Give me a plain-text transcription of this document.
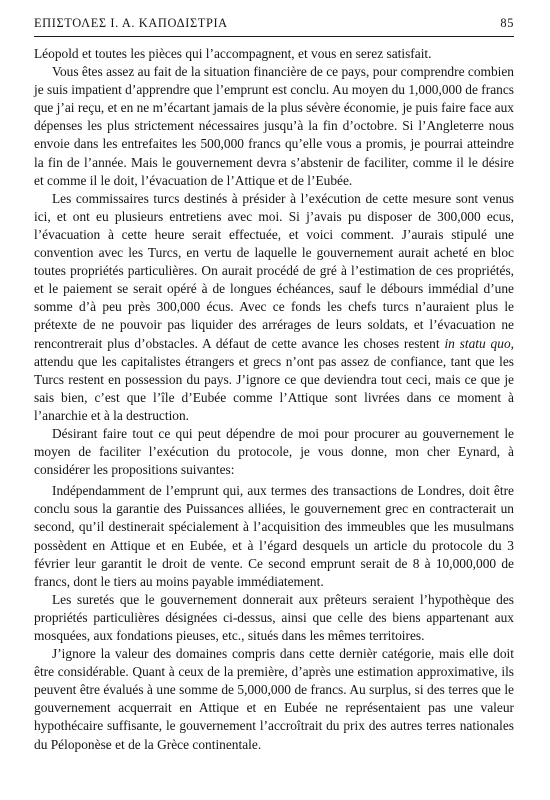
ΕΠΙΣΤΟΛΕΣ Ι. Α. ΚΑΠΟΔΙΣΤΡΙΑ	85

Léopold et toutes les pièces qui l’accompagnent, et vous en serez satisfait.

Vous êtes assez au fait de la situation financière de ce pays, pour comprendre combien je suis impatient d’apprendre que l’emprunt est conclu. Au moyen du 1,000,000 de francs que j’ai reçu, et en ne m’écartant jamais de la plus sévère économie, je puis faire face aux dépenses les plus strictement nécessaires jusqu’à la fin d’octobre. Si l’Angleterre nous envoie dans les entrefaites les 500,000 francs qu’elle vous a promis, je pourrai atteindre la fin de l’année. Mais le gouvernement devra s’abstenir de faciliter, comme il le désire et comme il le doit, l’évacuation de l’Attique et de l’Eubée.

Les commissaires turcs destinés à présider à l’exécution de cette mesure sont venus ici, et ont eu plusieurs entretiens avec moi. Si j’avais pu disposer de 300,000 ecus, l’évacuation à cette heure serait effectuée, et voici comment. J’aurais stipulé une convention avec les Turcs, en vertu de laquelle le gouvernement aurait acheté en bloc toutes propriétés particulières. On aurait procédé de gré à l’estimation de ces propriétés, et le paiement se serait opéré à de longues échéances, sauf le débours immédial d’une somme d’à peu près 300,000 écus. Avec ce fonds les chefs turcs n’auraient plus le prétexte de ne pouvoir pas liquider des arrérages de leurs soldats, et l’évacuation ne rencontrerait plus d’obstacles. A défaut de cette avance les choses restent in statu quo, attendu que les capitalistes étrangers et grecs n’ont pas assez de confiance, tant que les Turcs restent en possession du pays. J’ignore ce que deviendra tout ceci, mais ce que je sais bien, c’est que l’île d’Eubée comme l’Attique sont livrées dans ce moment à l’anarchie et à la destruction.

Désirant faire tout ce qui peut dépendre de moi pour procurer au gouvernement le moyen de faciliter l’exécution du protocole, je vous donne, mon cher Eynard, à considérer les propositions suivantes:

Indépendamment de l’emprunt qui, aux termes des transactions de Londres, doit être conclu sous la garantie des Puissances alliées, le gouvernement grec en contracterait un second, qu’il destinerait spécialement à l’acquisition des immeubles que les musulmans possèdent en Attique et en Eubée, et à l’égard desquels un article du protocole du 3 février leur garantit le droit de vente. Ce second emprunt serait de 8 à 10,000,000 de francs, dont le tiers au moins payable immédiatement.

Les suretés que le gouvernement donnerait aux prêteurs seraient l’hypothèque des propriétés particulières désignées ci-dessus, ainsi que celle des biens appartenant aux mosquées, aux fondations pieuses, etc., situés dans les mêmes territoires.

J’ignore la valeur des domaines compris dans cette dernièr catégorie, mais elle doit être considérable. Quant à ceux de la première, d’après une estimation approximative, ils peuvent être évalués à une somme de 5,000,000 de francs. Au surplus, si des terres que le gouvernement acquerrait en Attique et en Eubée ne représentaient pas une valeur hypothécaire suffisante, le gouvernement l’accroîtrait du prix des autres terres nationales du Péloponèse et de la Grèce continentale.
